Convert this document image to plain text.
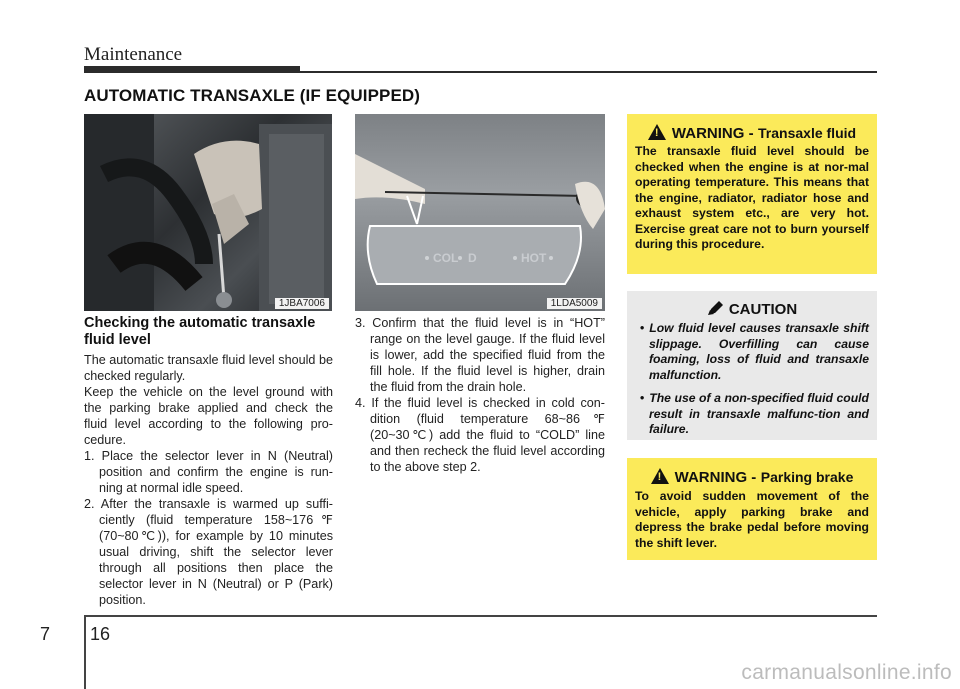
Maintenance
AUTOMATIC TRANSAXLE (IF EQUIPPED)
1JBA7006
COL D	HOT
1LDA5009
Checking the automatic transaxle fluid level

The automatic transaxle fluid level should be checked regularly.

Keep the vehicle on the level ground with the parking brake applied and check the fluid level according to the following pro-cedure.

1. Place the selector lever in N (Neutral) position and confirm the engine is run-ning at normal idle speed.

2. After the transaxle is warmed up suffi-ciently (fluid temperature 158~176℉ (70~80℃)), for example by 10 minutes usual driving, shift the selector lever through all positions then place the selector lever in N (Neutral) or P (Park) position.

3. Confirm that the fluid level is in “HOT” range on the level gauge. If the fluid level is lower, add the specified fluid from the fill hole. If the fluid level is higher, drain the fluid from the drain hole.

4. If the fluid level is checked in cold con-dition (fluid temperature 68~86℉ (20~30℃) add the fluid to “COLD” line and then recheck the fluid level according to the above step 2.

!WARNING - Transaxle fluid
The transaxle fluid level should be checked when the engine is at nor-mal operating temperature. This means that the engine, radiator, radiator hose and exhaust system etc., are very hot. Exercise great care not to burn yourself during this procedure.
CAUTION
• Low fluid level causes transaxle shift slippage. Overfilling can cause foaming, loss of fluid and transaxle malfunction.
• The use of a non-specified fluid could result in transaxle malfunc-tion and failure.
!WARNING - Parking brake
To avoid sudden movement of the vehicle, apply parking brake and depress the brake pedal before moving the shift lever.
7 16
carmanualsonline.info
